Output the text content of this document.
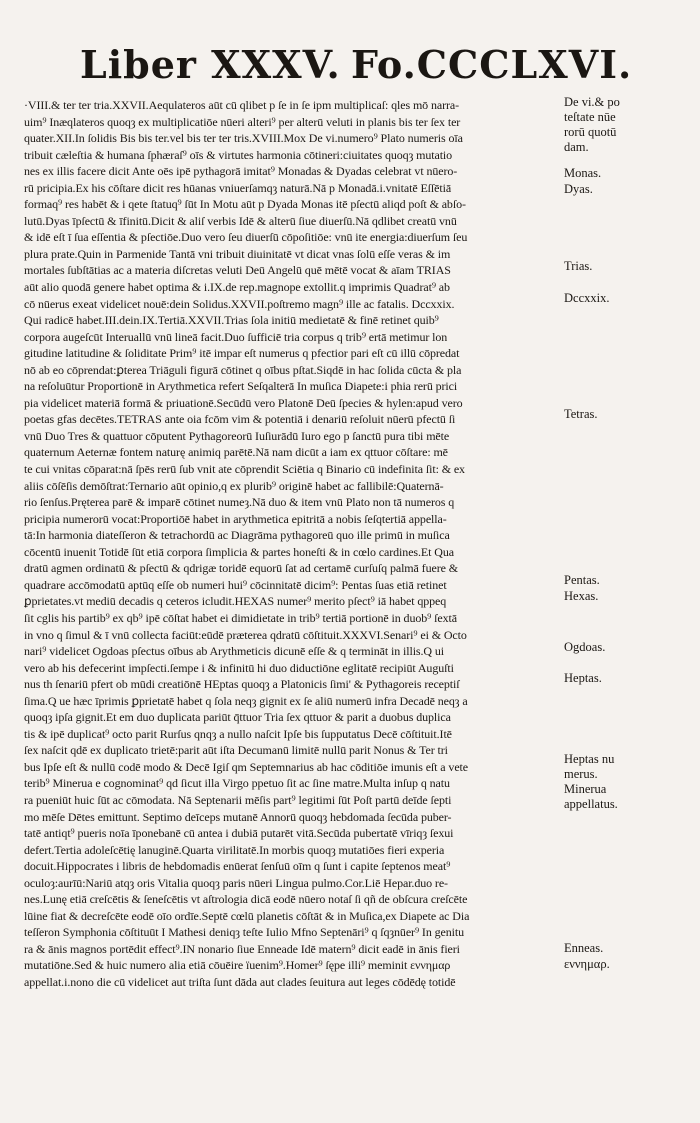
Liber XXXV. Fo.CCCLXVI.
·VIII.& ter ter tria.XXVII.Aequlateros aūt cū qlibet p ſe in ſe ipm multiplicaſ: qles mō narra-
uim⁹ Inæqlateros quoqȝ ex multiplicatiōe nūeri alteri⁹ per alterū veluti in planis bis ter ſex ter
quater.XII.In ſolidis Bis bis ter.vel bis ter ter tris.XVIII.Mox De vi.numero⁹ Plato numeris oīa
tribuit cæleſtia & humana ſphæraſ⁹ oīs & virtutes harmonia cōtineri:ciuitates quoqȝ mutatio
nes ex illis facere dicit Ante oēs ipē pythagorā imitat⁹ Monadas & Dyadas celebrat vt nūero-
rū pricipia.Ex his cōſtare dicit res hūanas vniuerſamqȝ naturā.Nā p Monadā.i.vnitatē Eſſētiā
formaq⁹ res habēt & i qete ſtatuq⁹ ſūt In Motu aūt p Dyada Monas itē pſectū aliqd poſt & abſo-
lutū.Dyas īpſectū & īfinitū.Dicit & aliſ verbis Idē & alterū ſiue diuerſū.Nā qdlibet creatū vnū
& idē eſt ī ſua eſſentia & pſectiōe.Duo vero ſeu diuerſū cōpoſitiōe: vnū ite energia:diuerſum ſeu
plura prate.Quin in Parmenide Tantā vni tribuit diuinitatē vt dicat vnas ſolū eſſe veras & im
mortales ſubſtātias ac a materia diſcretas veluti Deū Angelū quē mētē vocat & aīam TRIAS
aūt alio quodā genere habet optima & i.IX.de rep.magnope extollit.q imprimis Quadrat⁹ ab
cō nūerus exeat videlicet nouē:dein Solidus.XXVII.poſtremo magn⁹ ille ac fatalis. Dccxxix.
Qui radicē habet.III.dein.IX.Tertiā.XXVII.Trias ſola initiū medietatē & finē retinet quib⁹
corpora augeſcūt Interuallū vnū lineā facit.Duo ſufficiē tria corpus q trib⁹ ertā metimur lon
gitudine latitudine & ſoliditate Prim⁹ itē impar eſt numerus q pfectior pari eſt cū illū cōpredat
nō ab eo cōprendat:ꝑterea Triāguli figurā cōtinet q oībus pſtat.Siqdē in hac ſolida cūcta & pla
na reſoluūtur Proportionē in Arythmetica refert Seſqalterā In muſica Diapete:i phia rerū prici
pia videlicet materiā formā & priuationē.Secūdū vero Platonē Deū ſpecies & hylen:apud vero
poetas gfas decētes.TETRAS ante oia fcōm vim & potentiā i denariū reſoluit nūerū pfectū ſi
vnū Duo Tres & quattuor cōputent Pythagoreorū Iuſiurādū Iuro ego p ſanctū pura tibi mēte
quaternum Aeternæ fontem naturę animiq parētē.Nā nam dicūt a iam ex qttuor cōſtare: mē
te cui vnitas cōparat:nā ſpēs rerū ſub vnit ate cōprendit Sciētia q Binario cū indefinita ſit: & ex
aliis cōſēſis demōſtrat:Ternario aūt opinio,q ex plurib⁹ originē habet ac fallibilē:Quaternā-
rio ſenſus.Pręterea parē & imparē cōtinet numeȝ.Nā duo & item vnū Plato non tā numeros q
pricipia numerorū vocat:Proportiōē habet in arythmetica epitritā a nobis ſeſqtertiā appella-
tā:In harmonia diateſſeron & tetrachordū ac Diagrāma pythagoreū quo ille primū in muſica
cōcentū inuenit Totidē ſūt etiā corpora ſimplicia & partes honeſti & in cœlo cardines.Et Qua
dratū agmen ordinatū & pſectū & qdrigæ toridē equorū ſat ad certamē curſuſq palmā fuere &
quadrare accōmodatū aptūq eſſe ob numeri hui⁹ cōcinnitatē dicim⁹: Pentas ſuas etiā retinet
ꝑprietates.vt mediū decadis q ceteros icludit.HEXAS numer⁹ merito pſect⁹ iā habet qppeq
ſit cglis his partib⁹ ex qb⁹ ipē cōſtat habet ei dimidietate in trib⁹ tertiā portionē in duob⁹ ſextā
in vno q ſimul & ī vnū collecta faciūt:eūdē præterea qdratū cōſtituit.XXXVI.Senari⁹ ei & Octo
nari⁹ videlicet Ogdoas pſectus oībus ab Arythmeticis dicunē eſſe & q termināt in illis.Q ui
vero ab his defecerint impſecti.ſempe i & infinitū hi duo diductiōne eglitatē recipiūt Auguſti
nus th ſenariū pfert ob mūdi creatiōnē HEptas quoqȝ a Platonicis ſimi' & Pythagoreis receptiſ
ſima.Q ue hæc īprimis ꝑprietatē habet q ſola neqȝ gignit ex ſe aliū numerū infra Decadē neqȝ a
quoqȝ ipſa gignit.Et em duo duplicata pariūt q̄ttuor Tria ſex qttuor & parit a duobus duplica
tis & ipē duplicat⁹ octo parit Rurſus qnqȝ a nullo naſcit Ipſe bis ſupputatus Decē cōſtituit.Itē
ſex naſcit qdē ex duplicato trietē:parit aūt iſta Decumanū limitē nullū parit Nonus & Ter tri
bus Ipſe eſt & nullū codē modo & Decē Igiſ qm Septemnarius ab hac cōditiōe imunis eſt a vete
terib⁹ Minerua e cognominat⁹ qd ſicut illa Virgo ppetuo ſit ac ſine matre.Multa inſup q natu
ra pueniūt huic ſūt ac cōmodata. Nā Septenarii mēſis part⁹ legitimi ſūt Poſt partū deīde ſepti
mo mēſe Dētes emittunt. Septimo deīceps mutanē Annorū quoqȝ hebdomada ſecūda puber-
tatē antiqt⁹ pueris noīa īponebanē cū antea i dubiā putarēt vitā.Secūda pubertatē vīriqȝ ſexui
defert.Tertia adoleſcētię lanuginē.Quarta virilitatē.In morbis quoqȝ mutatiōes fieri experia
docuit.Hippocrates i libris de hebdomadis enūerat ſenſuū oīm q ſunt i capite ſeptenos meat⁹
oculoȝ:aurīū:Nariū atqȝ oris Vitalia quoqȝ paris nūeri Lingua pulmo.Cor.Liē Hepar.duo re-
nes.Lunę etiā creſcētis & ſeneſcētis vt aſtrologia dicā eodē nūero notaſ ſi qñ de obſcura creſcēte
lūine fiat & decreſcēte eodē oīo ordīe.Septē cœlū planetis cōſtāt & in Muſica,ex Diapete ac Dia
teſſeron Symphonia cōſtituūt I Mathesi deniqȝ teſte Iulio Mfno Septenāri⁹ q ſqȝnūer⁹ In genitu
ra & ānis magnos portēdit effect⁹.IN nonario ſiue Enneade Idē matern⁹ dicit eadē in ānis fieri
mutatiōne.Sed & huic numero alia etiā cōuēire ïuenim⁹.Homer⁹ ſępe illi⁹ meminit εννημαρ
appellat.i.nono die cū videlicet aut triſta ſunt dāda aut clades ſeuitura aut leges cōdēdę totidē
De vi.& po
teſtate nūe
rorū quotū
dam.
Monas.
Dyas.
Trias.
Dccxxix.
Tetras.
Pentas.
Hexas.
Ogdoas.
Heptas.
Heptas nu
merus.
Minerua
appellatus.
Enneas.
εννημαρ.
